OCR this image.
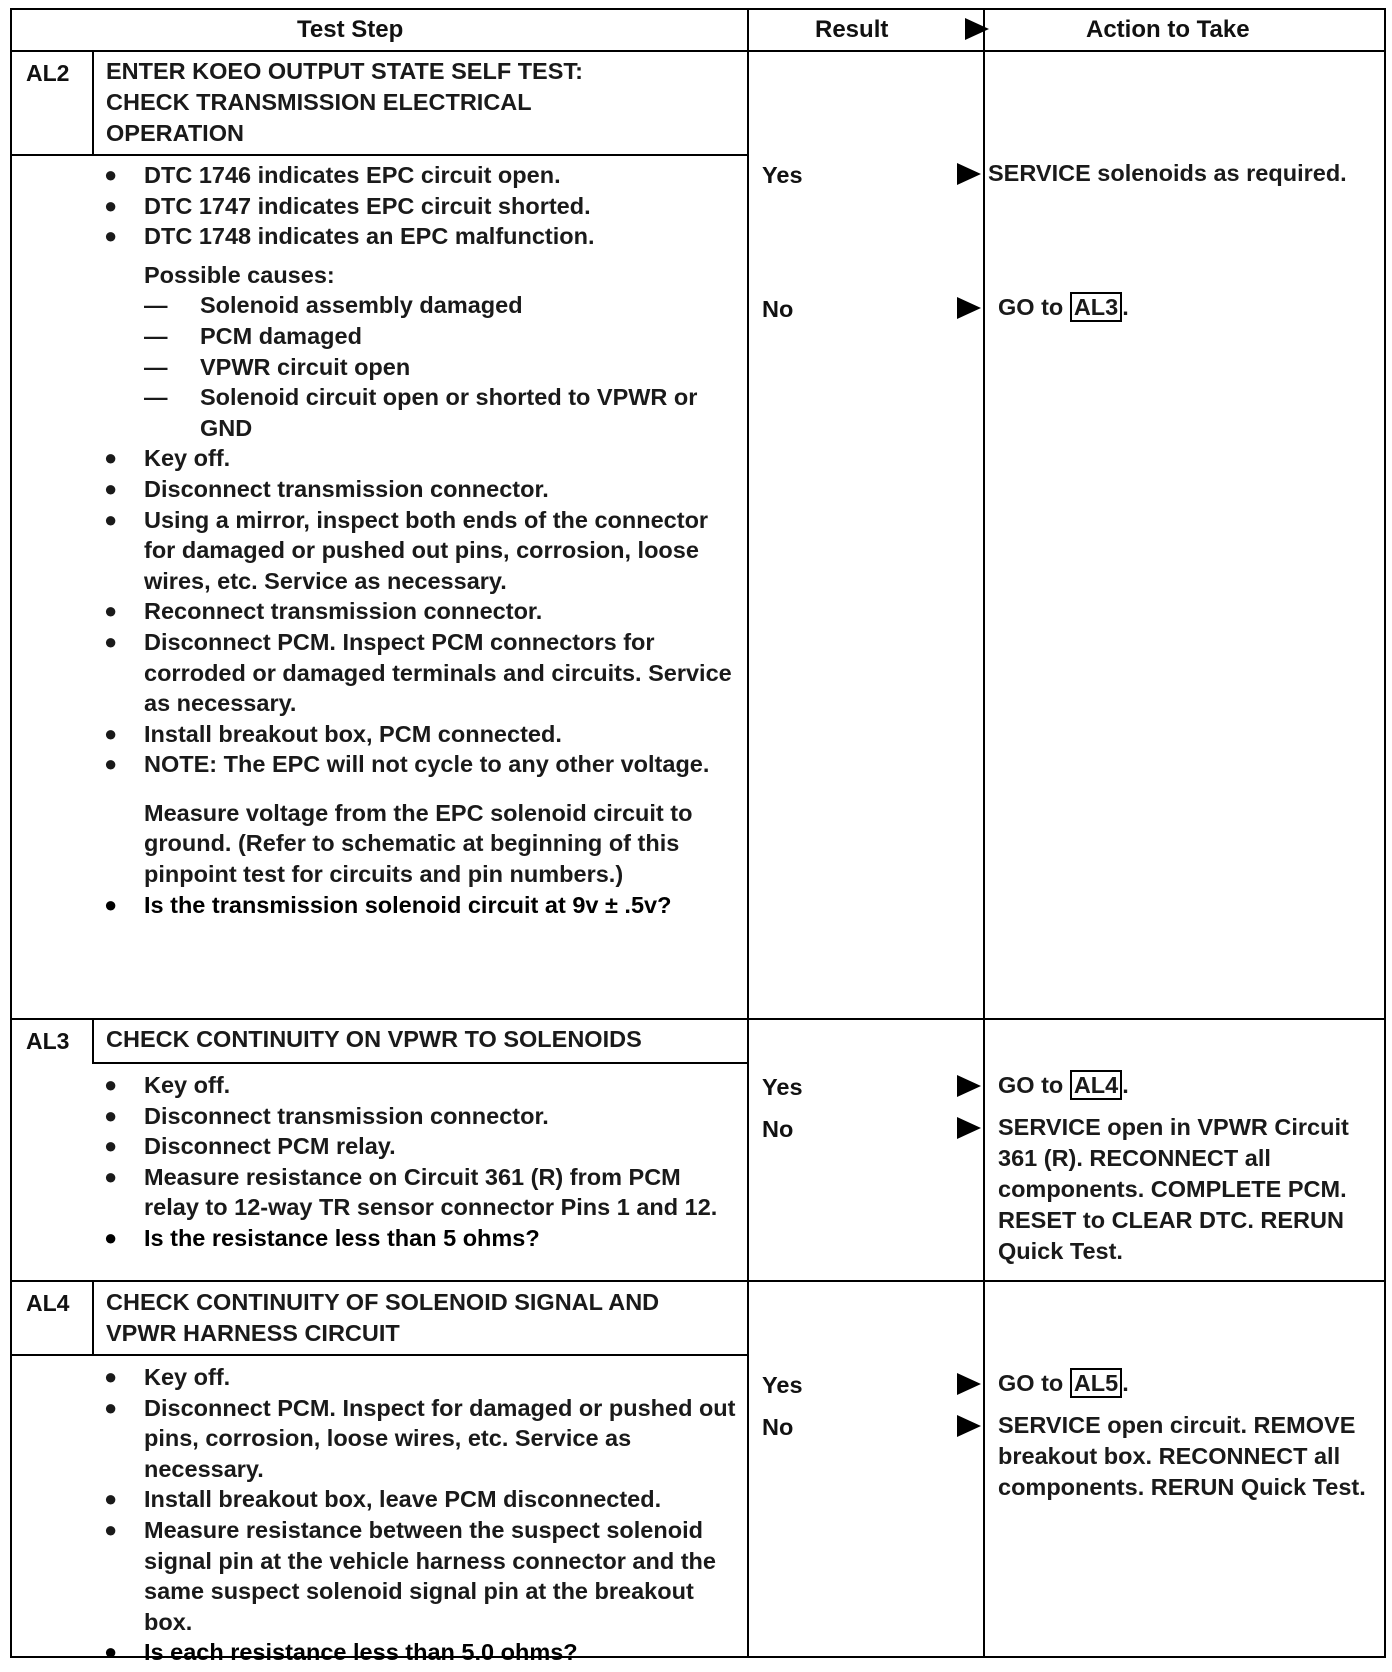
Test Step	Result	Action to Take
AL2 ENTER KOEO OUTPUT STATE SELF TEST:
CHECK TRANSMISSION ELECTRICAL
OPERATION
● DTC 1746 indicates EPC circuit open.
● DTC 1747 indicates EPC circuit shorted.
● DTC 1748 indicates an EPC malfunction.
Possible causes:
— Solenoid assembly damaged
— PCM damaged
— VPWR circuit open
— Solenoid circuit open or shorted to VPWR or GND
● Key off.
● Disconnect transmission connector.
● Using a mirror, inspect both ends of the connector for damaged or pushed out pins, corrosion, loose wires, etc. Service as necessary.
● Reconnect transmission connector.
● Disconnect PCM. Inspect PCM connectors for corroded or damaged terminals and circuits. Service as necessary.
● Install breakout box, PCM connected.
● NOTE: The EPC will not cycle to any other voltage.
Measure voltage from the EPC solenoid circuit to ground. (Refer to schematic at beginning of this pinpoint test for circuits and pin numbers.)
● Is the transmission solenoid circuit at 9v ± .5v?
Yes	SERVICE solenoids as required.
No	GO to AL3 .
AL3 CHECK CONTINUITY ON VPWR TO SOLENOIDS
● Key off.
● Disconnect transmission connector.
● Disconnect PCM relay.
● Measure resistance on Circuit 361 (R) from PCM relay to 12-way TR sensor connector Pins 1 and 12.
● Is the resistance less than 5 ohms?
Yes	GO to AL4 .
No	SERVICE open in VPWR Circuit 361 (R). RECONNECT all components. COMPLETE PCM. RESET to CLEAR DTC. RERUN Quick Test.
AL4 CHECK CONTINUITY OF SOLENOID SIGNAL AND VPWR HARNESS CIRCUIT
● Key off.
● Disconnect PCM. Inspect for damaged or pushed out pins, corrosion, loose wires, etc. Service as necessary.
● Install breakout box, leave PCM disconnected.
● Measure resistance between the suspect solenoid signal pin at the vehicle harness connector and the same suspect solenoid signal pin at the breakout box.
● Is each resistance less than 5.0 ohms?
Yes	GO to AL5 .
No	SERVICE open circuit. REMOVE breakout box. RECONNECT all components. RERUN Quick Test.
